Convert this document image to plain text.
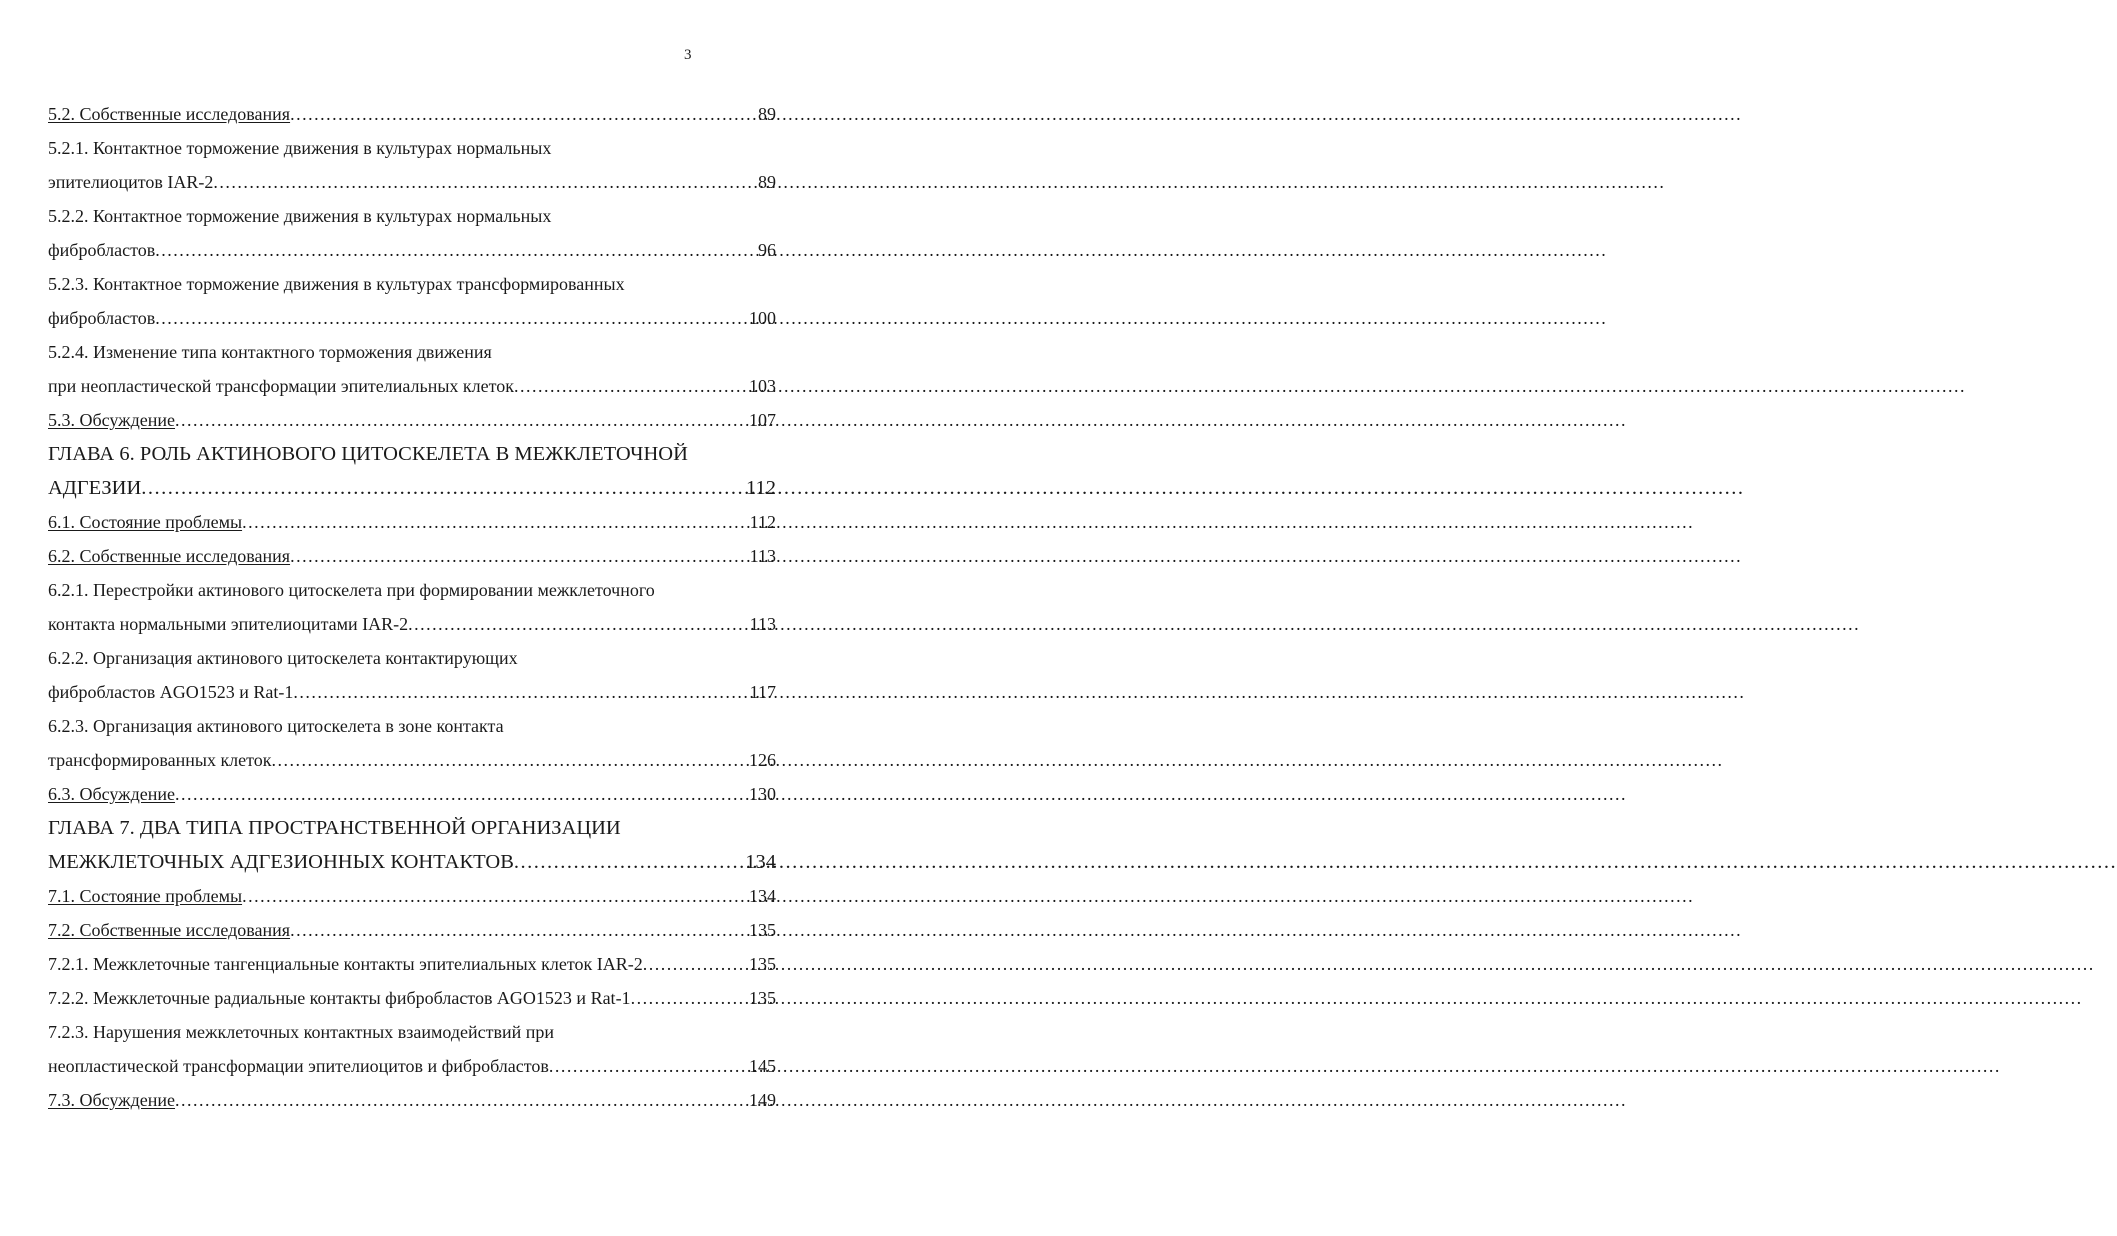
3
5.2. Собственные исследования .....	89
5.2.1. Контактное торможение движения в культурах нормальных
эпителиоцитов IAR-2 .....	89
5.2.2. Контактное торможение движения в культурах нормальных
фибробластов .....	96
5.2.3. Контактное торможение движения в культурах трансформированных
фибробластов .....	100
5.2.4. Изменение типа контактного торможения движения
при неопластической трансформации эпителиальных клеток .....	103
5.3. Обсуждение .....	107
ГЛАВА 6. РОЛЬ АКТИНОВОГО ЦИТОСКЕЛЕТА В МЕЖКЛЕТОЧНОЙ
АДГЕЗИИ .....	112
6.1. Состояние проблемы .....	112
6.2. Собственные исследования .....	113
6.2.1. Перестройки актинового цитоскелета при формировании межклеточного
контакта нормальными эпителиоцитами IAR-2 .....	113
6.2.2. Организация актинового цитоскелета контактирующих
фибробластов AGO1523 и Rat-1 .....	117
6.2.3. Организация актинового цитоскелета в зоне контакта
трансформированных клеток .....	126
6.3. Обсуждение .....	130
ГЛАВА 7. ДВА ТИПА ПРОСТРАНСТВЕННОЙ ОРГАНИЗАЦИИ
МЕЖКЛЕТОЧНЫХ АДГЕЗИОННЫХ КОНТАКТОВ .....	134
7.1. Состояние проблемы .....	134
7.2. Собственные исследования .....	135
7.2.1. Межклеточные тангенциальные контакты эпителиальных клеток IAR-2 .....	135
7.2.2. Межклеточные радиальные контакты фибробластов AGO1523 и Rat-1 .....	135
7.2.3. Нарушения межклеточных контактных взаимодействий при
неопластической трансформации эпителиоцитов и фибробластов .....	145
7.3. Обсуждение .....	149
